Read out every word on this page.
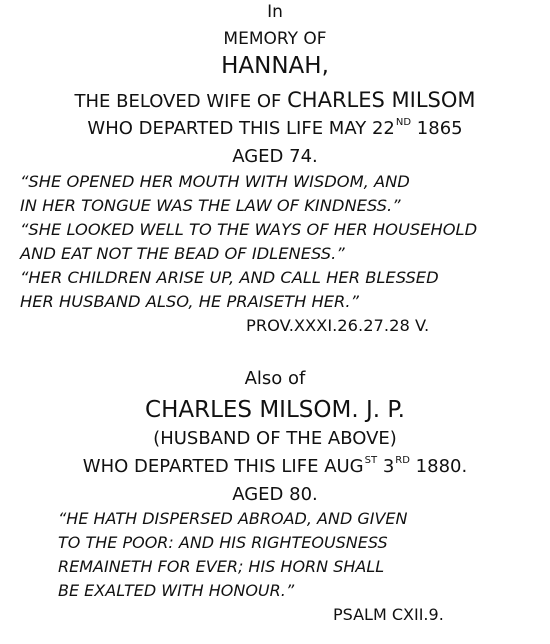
In
MEMORY OF
HANNAH,
THE BELOVED WIFE OF CHARLES MILSOM
WHO DEPARTED THIS LIFE MAY 22ND 1865
AGED 74.
“SHE OPENED HER MOUTH WITH WISDOM, AND
IN HER TONGUE WAS THE LAW OF KINDNESS.”
“SHE LOOKED WELL TO THE WAYS OF HER HOUSEHOLD
AND EAT NOT THE BEAD OF IDLENESS.”
“HER CHILDREN ARISE UP, AND CALL HER BLESSED
HER HUSBAND ALSO, HE PRAISETH HER.”
PROV.XXXI.26.27.28 V.
Also of
CHARLES MILSOM. J. P.
(HUSBAND OF THE ABOVE)
WHO DEPARTED THIS LIFE $AUG^{ST}$ 3RD 1880.
AGED 80.
“HE HATH DISPERSED ABROAD, AND GIVEN
TO THE POOR: AND HIS RIGHTEOUSNESS
REMAINETH FOR EVER; HIS HORN SHALL
BE EXALTED WITH HONOUR.”
PSALM CXII.9.
